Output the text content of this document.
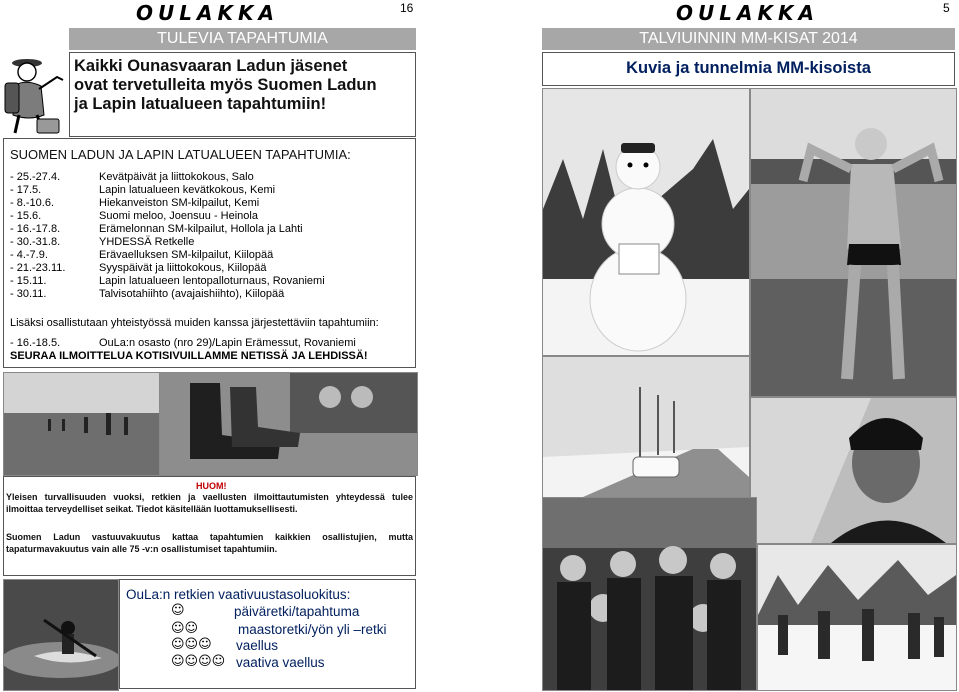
OULAKKA	16
TULEVIA TAPAHTUMIA
Kaikki Ounasvaaran Ladun jäsenet
ovat tervetulleita myös Suomen Ladun
ja Lapin latualueen tapahtumiin!
SUOMEN LADUN JA LAPIN LATUALUEEN TAPAHTUMIA:
- 25.-27.4.	Kevätpäivät ja liittokokous, Salo
- 17.5.	Lapin latualueen kevätkokous, Kemi
- 8.-10.6.	Hiekanveiston SM-kilpailut, Kemi
- 15.6.	Suomi meloo, Joensuu - Heinola
- 16.-17.8.	Erämelonnan SM-kilpailut, Hollola ja Lahti
- 30.-31.8.	YHDESSÄ Retkelle
- 4.-7.9.	Erävaelluksen SM-kilpailut, Kiilopää
- 21.-23.11.	Syyspäivät ja liittokokous, Kiilopää
- 15.11.	Lapin latualueen lentopalloturnaus, Rovaniemi
- 30.11.	Talvisotahiihto (avajaishiihto), Kiilopää
Lisäksi osallistutaan yhteistyössä muiden kanssa järjestettäviin tapahtumiin:
- 16.-18.5.	OuLa:n osasto (nro 29)/Lapin Erämessut, Rovaniemi
SEURAA ILMOITTELUA KOTISIVUILLAMME NETISSÄ JA LEHDISSÄ!
HUOM!
Yleisen turvallisuuden vuoksi, retkien ja vaellusten ilmoittautumisten yhteydessä tulee ilmoittaa terveydelliset seikat. Tiedot käsitellään luottamuksellisesti.
Suomen Ladun vastuuvakuutus kattaa tapahtumien kaikkien osallistujien, mutta tapaturmavakuutus vain alle 75 -v:n osallistumiset tapahtumiin.
OuLa:n retkien vaativuustasoluokitus:
☺	päiväretki/tapahtuma
☺☺	maastoretki/yön yli –retki
☺☺☺ vaellus
☺☺☺☺ vaativa vaellus
OULAKKA	5
TALVIUINNIN MM-KISAT 2014
Kuvia ja tunnelmia MM-kisoista
